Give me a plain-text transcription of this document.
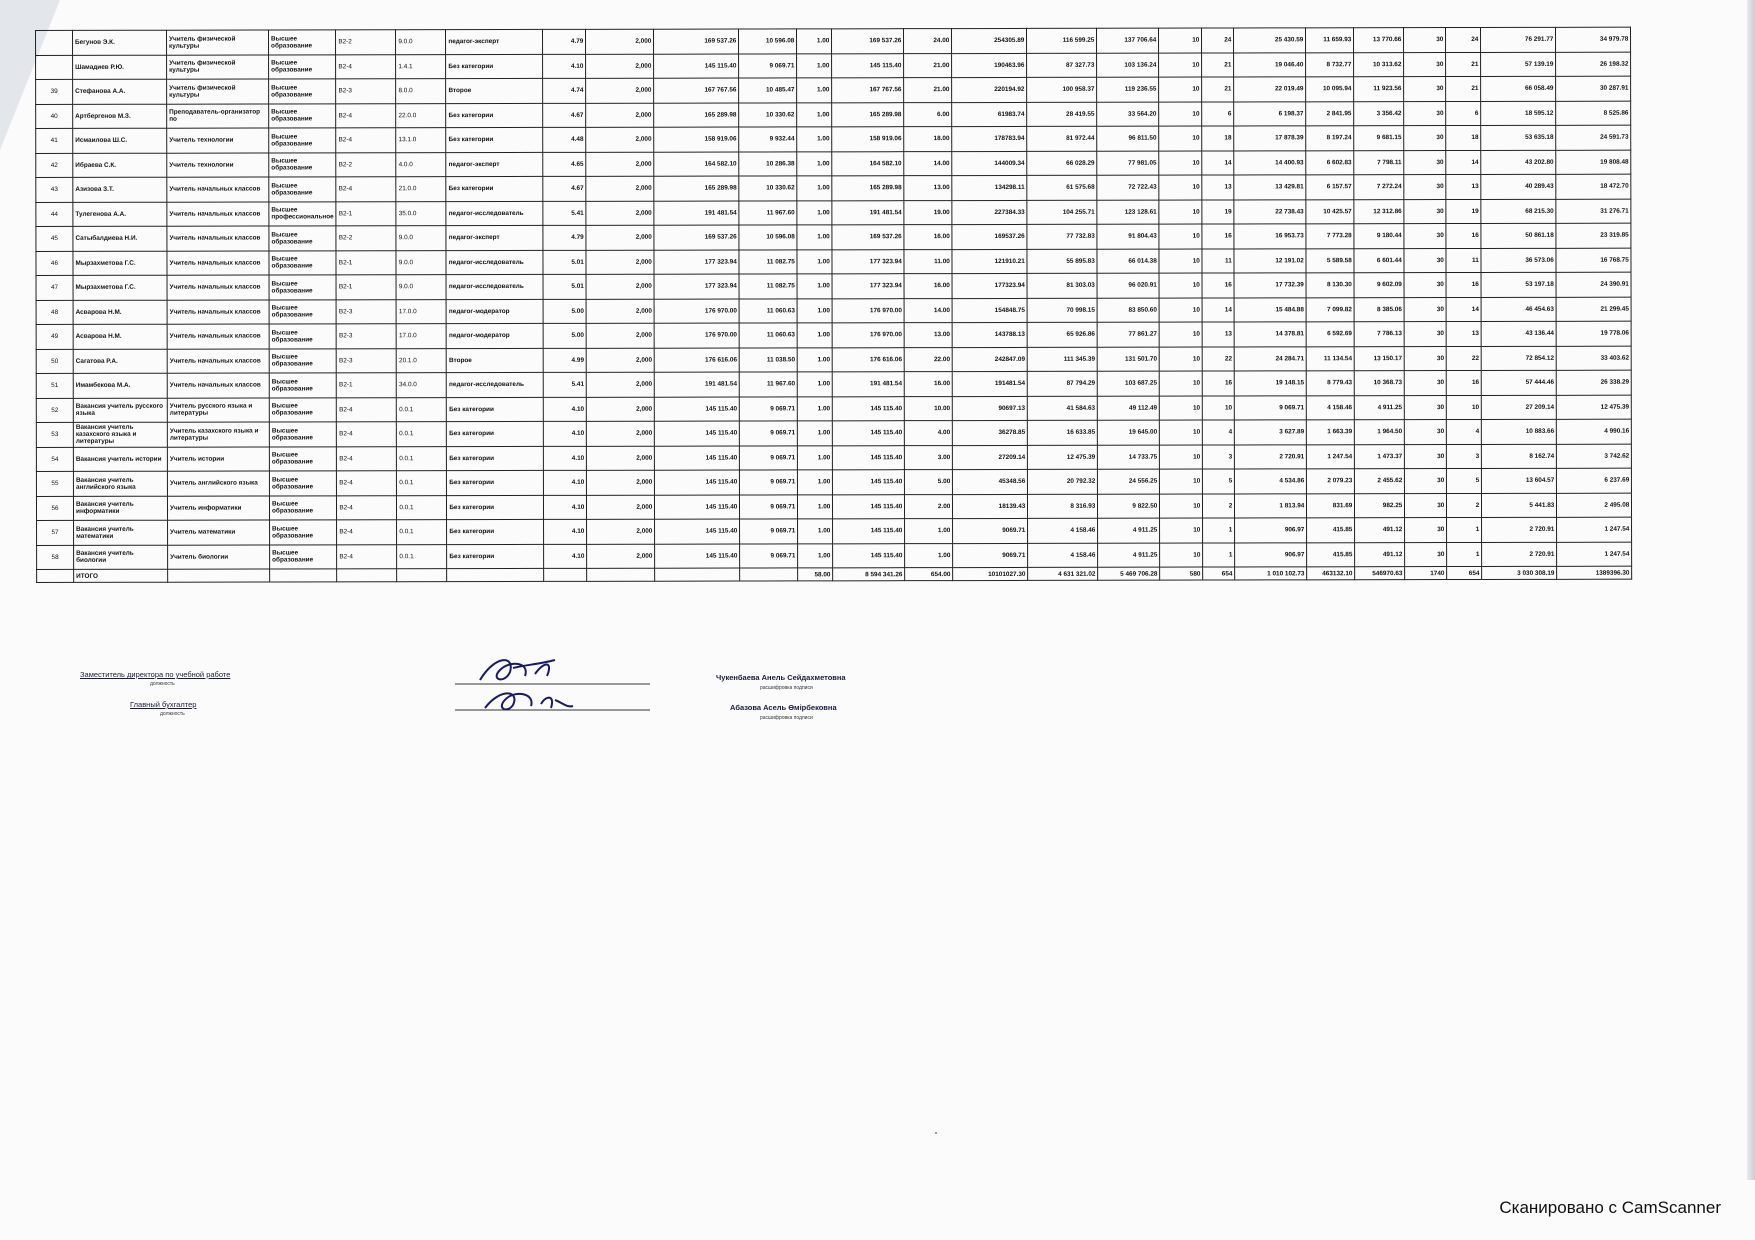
	Бегунов Э.К.	Учитель физической культуры	Высшее образование	B2-2	9.0.0	педагог-эксперт	4.79	2,000	169 537.26	10 596.08	1.00	169 537.26	24.00	254305.89	116 599.25	137 706.64	10	24	25 430.59	11 659.93	13 770.66	30	24	76 291.77	34 979.78
	Шамадиев Р.Ю.	Учитель физической культуры	Высшее образование	B2-4	1.4.1	Без категории	4.10	2,000	145 115.40	9 069.71	1.00	145 115.40	21.00	190463.96	87 327.73	103 136.24	10	21	19 046.40	8 732.77	10 313.62	30	21	57 139.19	26 198.32
39	Стефанова А.А.	Учитель физической культуры	Высшее образование	B2-3	8.0.0	Второе	4.74	2,000	167 767.56	10 485.47	1.00	167 767.56	21.00	220194.92	100 958.37	119 236.55	10	21	22 019.49	10 095.94	11 923.56	30	21	66 058.49	30 287.91
40	Артбергенов М.З.	Преподаватель-организатор по	Высшее образование	B2-4	22.0.0	Без категории	4.67	2,000	165 289.98	10 330.62	1.00	165 289.98	6.00	61983.74	28 419.55	33 564.20	10	6	6 198.37	2 841.95	3 356.42	30	6	18 595.12	8 525.86
41	Исмаилова Ш.С.	Учитель технологии	Высшее образование	B2-4	13.1.0	Без категории	4.48	2,000	158 919.06	9 932.44	1.00	158 919.06	18.00	178783.94	81 972.44	96 811.50	10	18	17 878.39	8 197.24	9 681.15	30	18	53 635.18	24 591.73
42	Ибраева С.К.	Учитель технологии	Высшее образование	B2-2	4.0.0	педагог-эксперт	4.65	2,000	164 582.10	10 286.38	1.00	164 582.10	14.00	144009.34	66 028.29	77 981.05	10	14	14 400.93	6 602.83	7 798.11	30	14	43 202.80	19 808.48
43	Азизова З.Т.	Учитель начальных классов	Высшее образование	B2-4	21.0.0	Без категории	4.67	2,000	165 289.98	10 330.62	1.00	165 289.98	13.00	134298.11	61 575.68	72 722.43	10	13	13 429.81	6 157.57	7 272.24	30	13	40 289.43	18 472.70
44	Тулегенова А.А.	Учитель начальных классов	Высшее профессиональное	B2-1	35.0.0	педагог-исследователь	5.41	2,000	191 481.54	11 967.60	1.00	191 481.54	19.00	227384.33	104 255.71	123 128.61	10	19	22 738.43	10 425.57	12 312.86	30	19	68 215.30	31 276.71
45	Сатыбалдиева Н.И.	Учитель начальных классов	Высшее образование	B2-2	9.0.0	педагог-эксперт	4.79	2,000	169 537.26	10 596.08	1.00	169 537.26	16.00	169537.26	77 732.83	91 804.43	10	16	16 953.73	7 773.28	9 180.44	30	16	50 861.18	23 319.85
46	Мырзахметова Г.С.	Учитель начальных классов	Высшее образование	B2-1	9.0.0	педагог-исследователь	5.01	2,000	177 323.94	11 082.75	1.00	177 323.94	11.00	121910.21	55 895.83	66 014.38	10	11	12 191.02	5 589.58	6 601.44	30	11	36 573.06	16 768.75
47	Мырзахметова Г.С.	Учитель начальных классов	Высшее образование	B2-1	9.0.0	педагог-исследователь	5.01	2,000	177 323.94	11 082.75	1.00	177 323.94	16.00	177323.94	81 303.03	96 020.91	10	16	17 732.39	8 130.30	9 602.09	30	16	53 197.18	24 390.91
48	Асварова Н.М.	Учитель начальных классов	Высшее образование	B2-3	17.0.0	педагог-модератор	5.00	2,000	176 970.00	11 060.63	1.00	176 970.00	14.00	154848.75	70 998.15	83 850.60	10	14	15 484.88	7 099.82	8 385.06	30	14	46 454.63	21 299.45
49	Асварова Н.М.	Учитель начальных классов	Высшее образование	B2-3	17.0.0	педагог-модератор	5.00	2,000	176 970.00	11 060.63	1.00	176 970.00	13.00	143788.13	65 926.86	77 861.27	10	13	14 378.81	6 592.69	7 786.13	30	13	43 136.44	19 778.06
50	Сагатова Р.А.	Учитель начальных классов	Высшее образование	B2-3	20.1.0	Второе	4.99	2,000	176 616.06	11 038.50	1.00	176 616.06	22.00	242847.09	111 345.39	131 501.70	10	22	24 284.71	11 134.54	13 150.17	30	22	72 854.12	33 403.62
51	Имамбекова М.А.	Учитель начальных классов	Высшее образование	B2-1	34.0.0	педагог-исследователь	5.41	2,000	191 481.54	11 967.60	1.00	191 481.54	16.00	191481.54	87 794.29	103 687.25	10	16	19 148.15	8 779.43	10 368.73	30	16	57 444.46	26 338.29
52	Вакансия учитель русского языка	Учитель русского языка и литературы	Высшее образование	B2-4	0.0.1	Без категории	4.10	2,000	145 115.40	9 069.71	1.00	145 115.40	10.00	90697.13	41 584.63	49 112.49	10	10	9 069.71	4 158.46	4 911.25	30	10	27 209.14	12 475.39
53	Вакансия учитель казахского языка и литературы	Учитель казахского языка и литературы	Высшее образование	B2-4	0.0.1	Без категории	4.10	2,000	145 115.40	9 069.71	1.00	145 115.40	4.00	36278.85	16 633.85	19 645.00	10	4	3 627.89	1 663.39	1 964.50	30	4	10 883.66	4 990.16
54	Вакансия учитель истории	Учитель истории	Высшее образование	B2-4	0.0.1	Без категории	4.10	2,000	145 115.40	9 069.71	1.00	145 115.40	3.00	27209.14	12 475.39	14 733.75	10	3	2 720.91	1 247.54	1 473.37	30	3	8 162.74	3 742.62
55	Вакансия учитель английского языка	Учитель английского языка	Высшее образование	B2-4	0.0.1	Без категории	4.10	2,000	145 115.40	9 069.71	1.00	145 115.40	5.00	45348.56	20 792.32	24 556.25	10	5	4 534.86	2 079.23	2 455.62	30	5	13 604.57	6 237.69
56	Вакансия учитель информатики	Учитель информатики	Высшее образование	B2-4	0.0.1	Без категории	4.10	2,000	145 115.40	9 069.71	1.00	145 115.40	2.00	18139.43	8 316.93	9 822.50	10	2	1 813.94	831.69	982.25	30	2	5 441.83	2 495.08
57	Вакансия учитель математики	Учитель математики	Высшее образование	B2-4	0.0.1	Без категории	4.10	2,000	145 115.40	9 069.71	1.00	145 115.40	1.00	9069.71	4 158.46	4 911.25	10	1	906.97	415.85	491.12	30	1	2 720.91	1 247.54
58	Вакансия учитель биологии	Учитель биологии	Высшее образование	B2-4	0.0.1	Без категории	4.10	2,000	145 115.40	9 069.71	1.00	145 115.40	1.00	9069.71	4 158.46	4 911.25	10	1	906.97	415.85	491.12	30	1	2 720.91	1 247.54
	ИТОГО										58.00	8 594 341.26	654.00	10101027.30	4 631 321.02	5 469 706.28	580	654	1 010 102.73	463132.10	546970.63	1740	654	3 030 308.19	1389396.30
Заместитель директора по учебной работе
должность
Главный бухгалтер
должность
Чукенбаева Анель Сейдахметовна
расшифровка подписи
Абазова Асель Өмірбековна
расшифровка подписи
Сканировано с CamScanner
